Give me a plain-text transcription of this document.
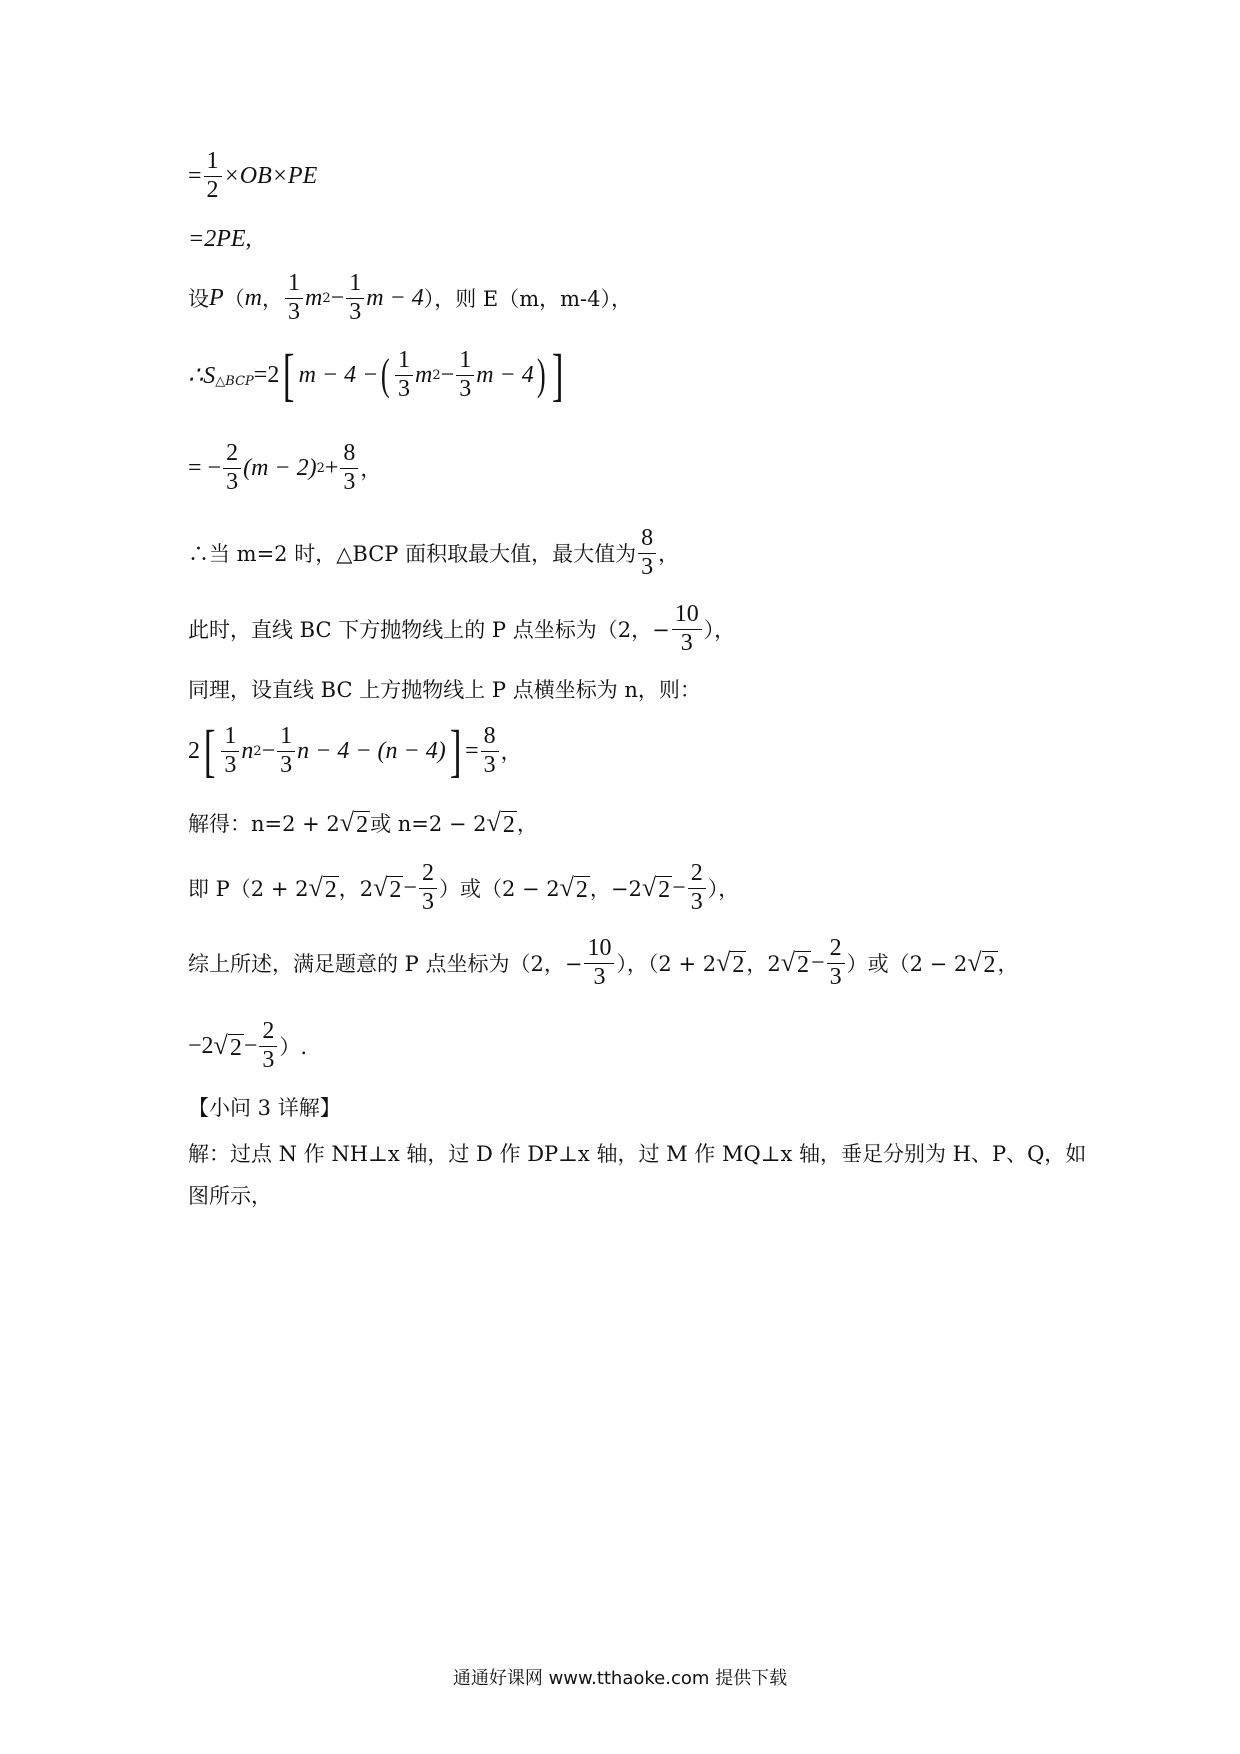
= $\frac{1}{2} \times OB\times PE$
=2PE,
设 P （ m ， $\frac{1}{3}$ m $2 - \frac{1}{3}$ m − 4 ），则 E（m，m-4），
∴S △BCP =2 [ m − 4 − ( $\frac{1}{3}$ m $2 - \frac{1}{3}$ m − 4 ) ]
= − $\frac{2}{3} (m - 2) 2 + \frac{8}{3}$ ，
∴当 m=2 时，△BCP 面积取最大值，最大值为 $\frac{8}{3}$ ，
此时，直线 BC 下方抛物线上的 P 点坐标为（2，− $\frac{10}{3}$ ），
同理，设直线 BC 上方抛物线上 P 点横坐标为 n，则：
2 [ $\frac{1}{3}$ n $2 - \frac{1}{3}$ n − 4 − (n − 4) ] = $\frac{8}{3}$ ，
解得：n=2 + 2 √ 2 或 n=2 − 2 √ 2 ，
即 P（2 + 2 √ 2 ，2 √ $2 - \frac{2}{3}$ ）或（2 − 2 √ 2 ，−2 √ $2 - \frac{2}{3}$ ），
综上所述，满足题意的 P 点坐标为（2，− $\frac{10}{3}$ ），（2 + 2 √ 2 ，2 √ $2 - \frac{2}{3}$ ）或（2 − 2 √ 2 ，
−2 √ $2 - \frac{2}{3}$ ）.
【小问 3 详解】
解：过点 N 作 NH⊥x 轴，过 D 作 DP⊥x 轴，过 M 作 MQ⊥x 轴，垂足分别为 H、P、Q，如
图所示，
通通好课网 www.tthaoke.com 提供下载
